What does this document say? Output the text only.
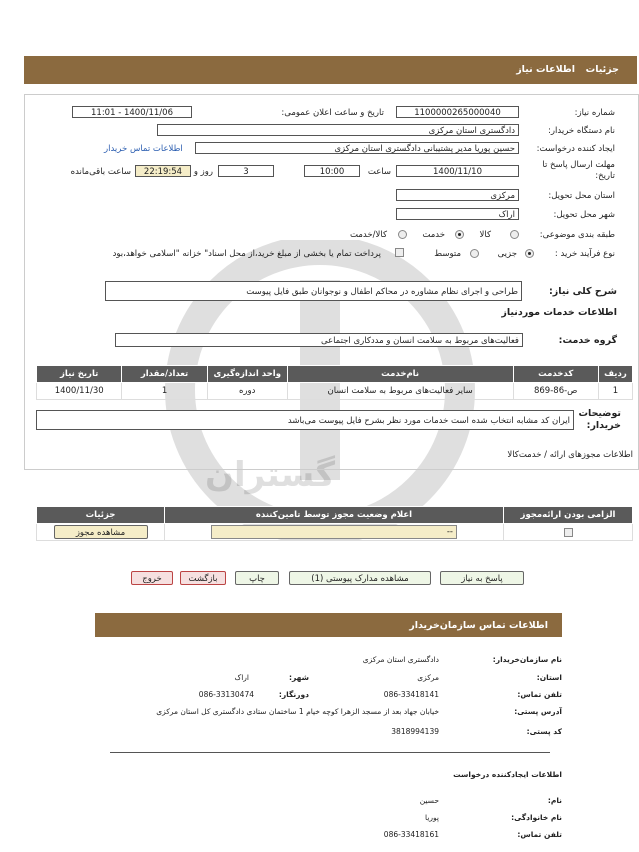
گستران
جزئیات
اطلاعات نیاز
شماره نیاز:
1100000265000040
تاریخ و ساعت اعلان عمومی:
1400/11/06 - 11:01
نام دستگاه خریدار:
دادگستری استان مرکزی
ایجاد کننده درخواست:
حسین پوریا مدیر پشتیبانی دادگستری استان مرکزی
اطلاعات تماس خریدار
مهلت ارسال پاسخ تا تاریخ:
1400/11/10
ساعت
10:00
3
روز و
22:19:54
ساعت باقی‌مانده
استان محل تحویل:
مرکزی
شهر محل تحویل:
اراک
طبقه بندی موضوعی:
کالا
خدمت
کالا/خدمت
نوع فرآیند خرید :
جزیی
متوسط
پرداخت تمام یا بخشی از مبلغ خرید،از محل اسناد" خزانه "اسلامی خواهد،بود
شرح کلی نیاز:
طراحی و اجرای نظام مشاوره در محاکم اطفال و نوجوانان طبق فایل پیوست
اطلاعات خدمات موردنیاز
گروه خدمت:
فعالیت‌های مربوط به سلامت انسان و مددکاری اجتماعی
ردیف	کدخدمت	نام‌خدمت	واحد اندازه‌گیری	تعداد/مقدار	تاریخ نیاز
1	ص-86-869	سایر فعالیت‌های مربوط به سلامت انسان	دوره	1	1400/11/30
توضیحات خریدار:
ایران کد مشابه انتخاب شده است خدمات مورد نظر بشرح فایل پیوست می‌باشد
اطلاعات مجوزهای ارائه / خدمت‌کالا
الزامی بودن ارائه‌مجوز	اعلام وضعیت مجوز توسط تامین‌کننده	جزئیات

	--	مشاهده مجوز
پاسخ به نیاز
مشاهده مدارک پیوستی (1)
چاپ
بازگشت
خروج
اطلاعات تماس سازمان‌خریدار
نام سازمان‌خریدار:
دادگستری استان مرکزی
استان:
مرکزی
شهر:
اراک
تلفن تماس:
086-33418141
دورنگار:
086-33130474
آدرس پستی:
خیابان جهاد بعد از مسجد الزهرا کوچه خیام 1 ساختمان ستادی دادگستری کل استان مرکزی
کد پستی:
3818994139
اطلاعات ایجادکننده درخواست
نام:
حسین
نام خانوادگی:
پوریا
تلفن تماس:
086-33418161
